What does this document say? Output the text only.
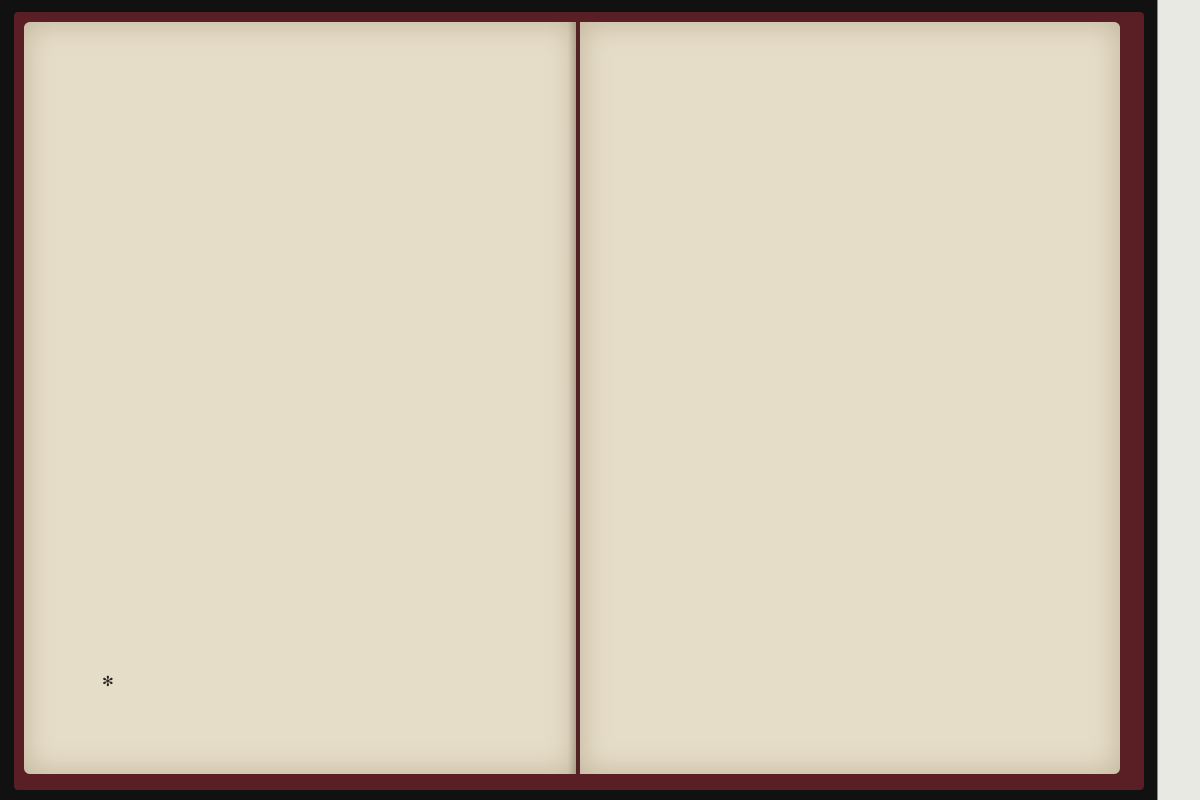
✻
